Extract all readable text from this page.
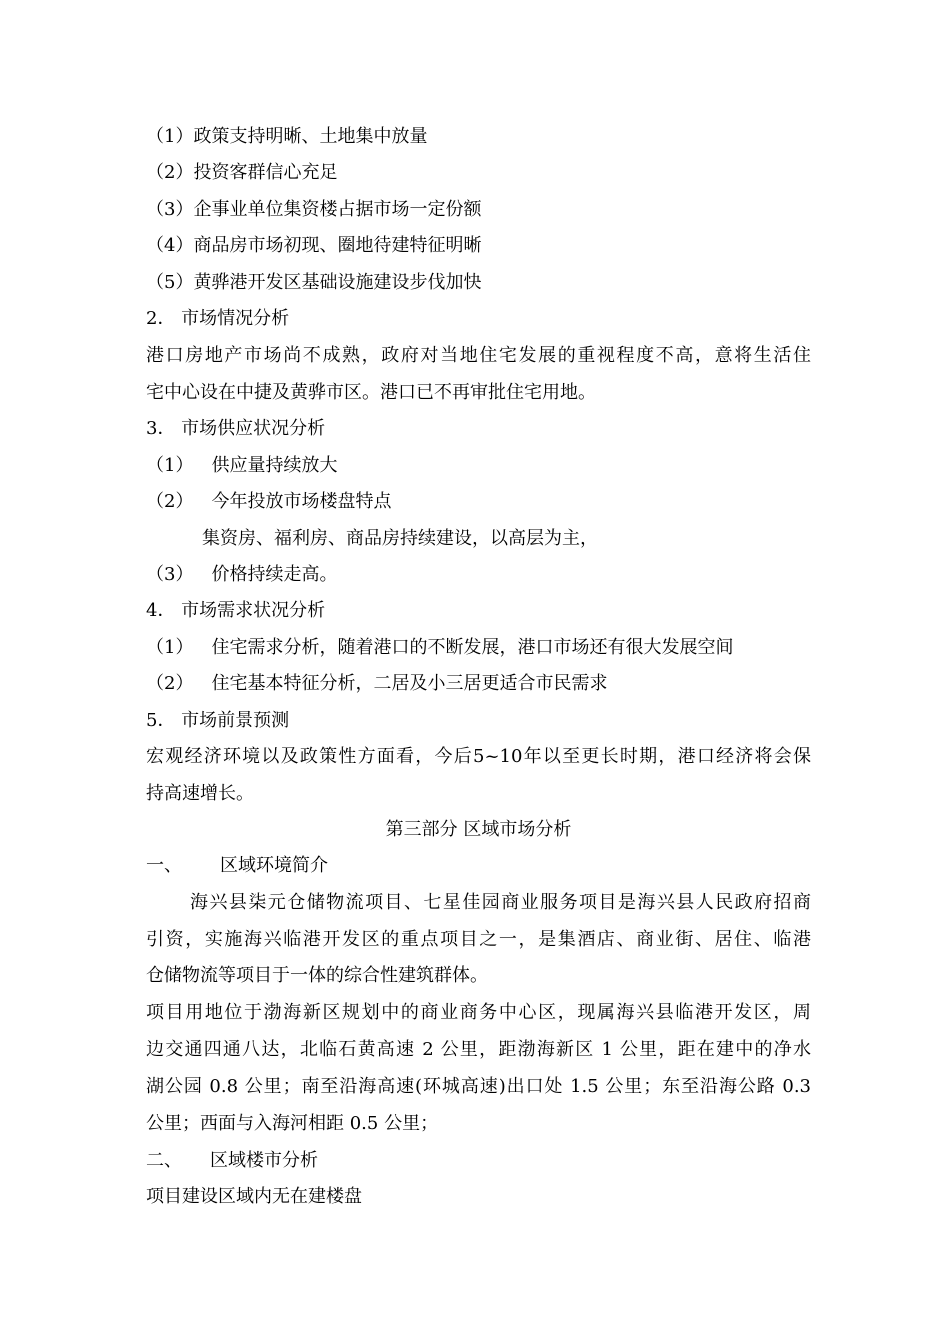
（1）政策支持明晰、土地集中放量
（2）投资客群信心充足
（3）企事业单位集资楼占据市场一定份额
（4）商品房市场初现、圈地待建特征明晰
（5）黄骅港开发区基础设施建设步伐加快
2． 市场情况分析
港口房地产市场尚不成熟，政府对当地住宅发展的重视程度不高，意将生活住
宅中心设在中捷及黄骅市区。港口已不再审批住宅用地。
3． 市场供应状况分析
（1） 供应量持续放大
（2） 今年投放市场楼盘特点
集资房、福利房、商品房持续建设，以高层为主，
（3） 价格持续走高。
4． 市场需求状况分析
（1） 住宅需求分析，随着港口的不断发展，港口市场还有很大发展空间
（2） 住宅基本特征分析，二居及小三居更适合市民需求
5． 市场前景预测
宏观经济环境以及政策性方面看，今后5~10年以至更长时期，港口经济将会保
持高速增长。
第三部分 区域市场分析
一、 区域环境简介
海兴县柒元仓储物流项目、七星佳园商业服务项目是海兴县人民政府招商
引资，实施海兴临港开发区的重点项目之一，是集酒店、商业街、居住、临港
仓储物流等项目于一体的综合性建筑群体。
项目用地位于渤海新区规划中的商业商务中心区，现属海兴县临港开发区，周
边交通四通八达，北临石黄高速 2 公里，距渤海新区 1 公里，距在建中的净水
湖公园 0.8 公里；南至沿海高速(环城高速)出口处 1.5 公里；东至沿海公路 0.3
公里；西面与入海河相距 0.5 公里；
二、 区域楼市分析
项目建设区域内无在建楼盘
